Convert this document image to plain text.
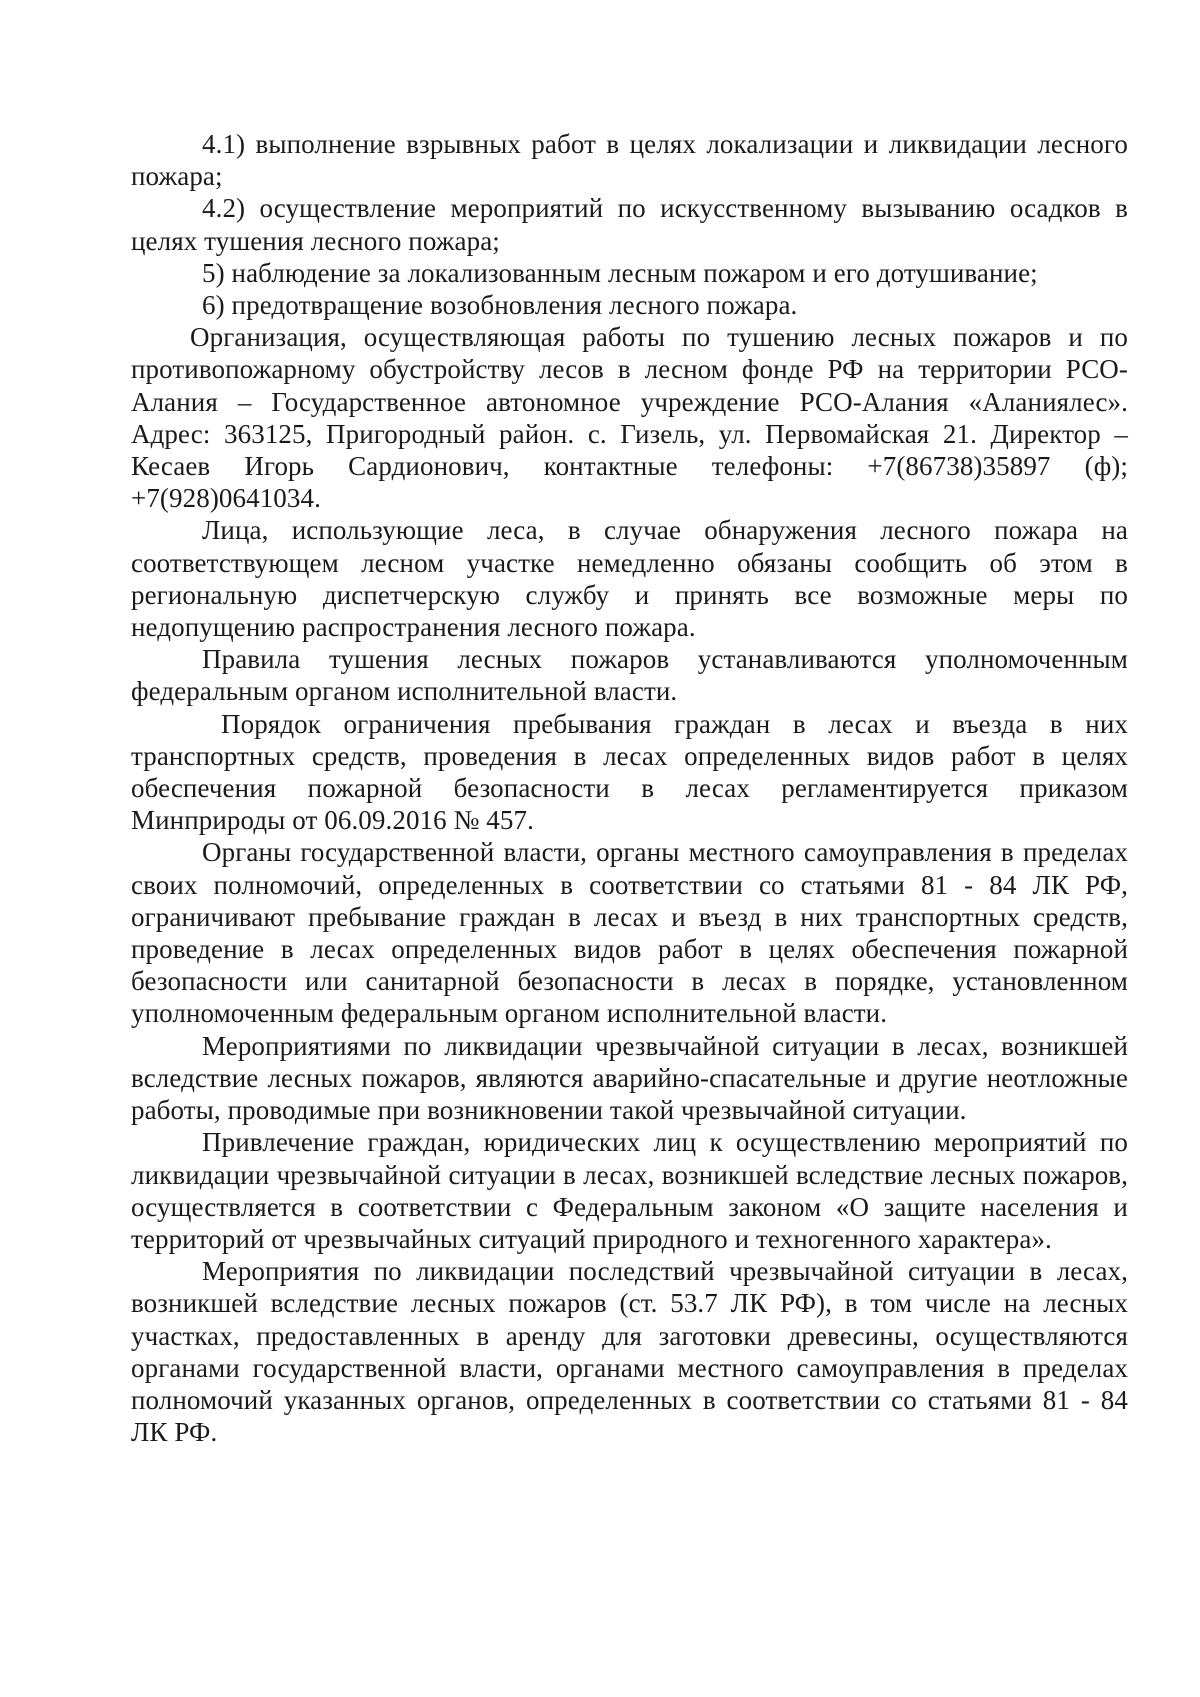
4.1) выполнение взрывных работ в целях локализации и ликвидации лесного пожара;

4.2) осуществление мероприятий по искусственному вызыванию осадков в целях тушения лесного пожара;

5) наблюдение за локализованным лесным пожаром и его дотушивание;

6) предотвращение возобновления лесного пожара.

Организация, осуществляющая работы по тушению лесных пожаров и по противопожарному обустройству лесов в лесном фонде РФ на территории РСО-Алания – Государственное автономное учреждение РСО-Алания «Аланиялес». Адрес: 363125, Пригородный район. с. Гизель, ул. Первомайская 21. Директор – Кесаев Игорь Сардионович, контактные телефоны: +7(86738)35897 (ф); +7(928)0641034.

Лица, использующие леса, в случае обнаружения лесного пожара на соответствующем лесном участке немедленно обязаны сообщить об этом в региональную диспетчерскую службу и принять все возможные меры по недопущению распространения лесного пожара.

Правила тушения лесных пожаров устанавливаются уполномоченным федеральным органом исполнительной власти.

Порядок ограничения пребывания граждан в лесах и въезда в них транспортных средств, проведения в лесах определенных видов работ в целях обеспечения пожарной безопасности в лесах регламентируется приказом Минприроды от 06.09.2016 № 457.

Органы государственной власти, органы местного самоуправления в пределах своих полномочий, определенных в соответствии со статьями 81 - 84 ЛК РФ, ограничивают пребывание граждан в лесах и въезд в них транспортных средств, проведение в лесах определенных видов работ в целях обеспечения пожарной безопасности или санитарной безопасности в лесах в порядке, установленном уполномоченным федеральным органом исполнительной власти.

Мероприятиями по ликвидации чрезвычайной ситуации в лесах, возникшей вследствие лесных пожаров, являются аварийно-спасательные и другие неотложные работы, проводимые при возникновении такой чрезвычайной ситуации.

Привлечение граждан, юридических лиц к осуществлению мероприятий по ликвидации чрезвычайной ситуации в лесах, возникшей вследствие лесных пожаров, осуществляется в соответствии с Федеральным законом «О защите населения и территорий от чрезвычайных ситуаций природного и техногенного характера».

Мероприятия по ликвидации последствий чрезвычайной ситуации в лесах, возникшей вследствие лесных пожаров (ст. 53.7 ЛК РФ), в том числе на лесных участках, предоставленных в аренду для заготовки древесины, осуществляются органами государственной власти, органами местного самоуправления в пределах полномочий указанных органов, определенных в соответствии со статьями 81 - 84 ЛК РФ.
